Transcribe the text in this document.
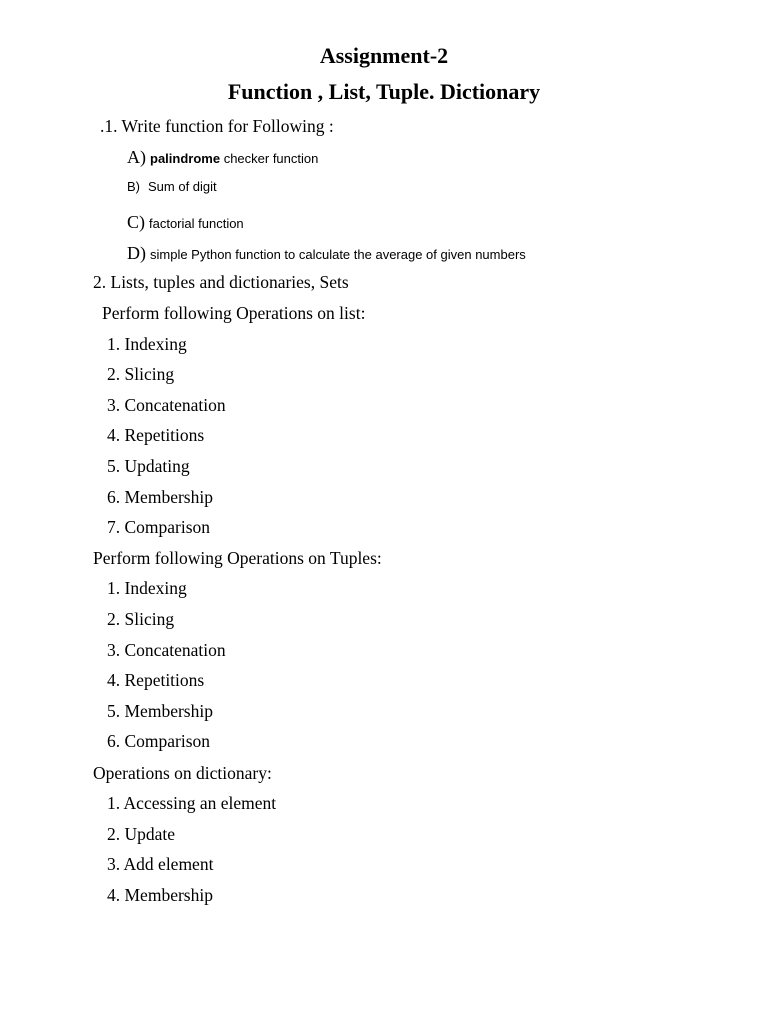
Assignment-2
Function , List, Tuple. Dictionary
.1. Write function for Following :
A) palindrome checker function
B) Sum of digit
C) factorial function
D) simple Python function to calculate the average of given numbers
2. Lists, tuples and dictionaries, Sets
Perform following Operations on list:
1. Indexing
2. Slicing
3. Concatenation
4. Repetitions
5. Updating
6. Membership
7. Comparison
Perform following Operations on Tuples:
1. Indexing
2. Slicing
3. Concatenation
4. Repetitions
5. Membership
6. Comparison
Operations on dictionary:
1. Accessing an element
2. Update
3. Add element
4. Membership
